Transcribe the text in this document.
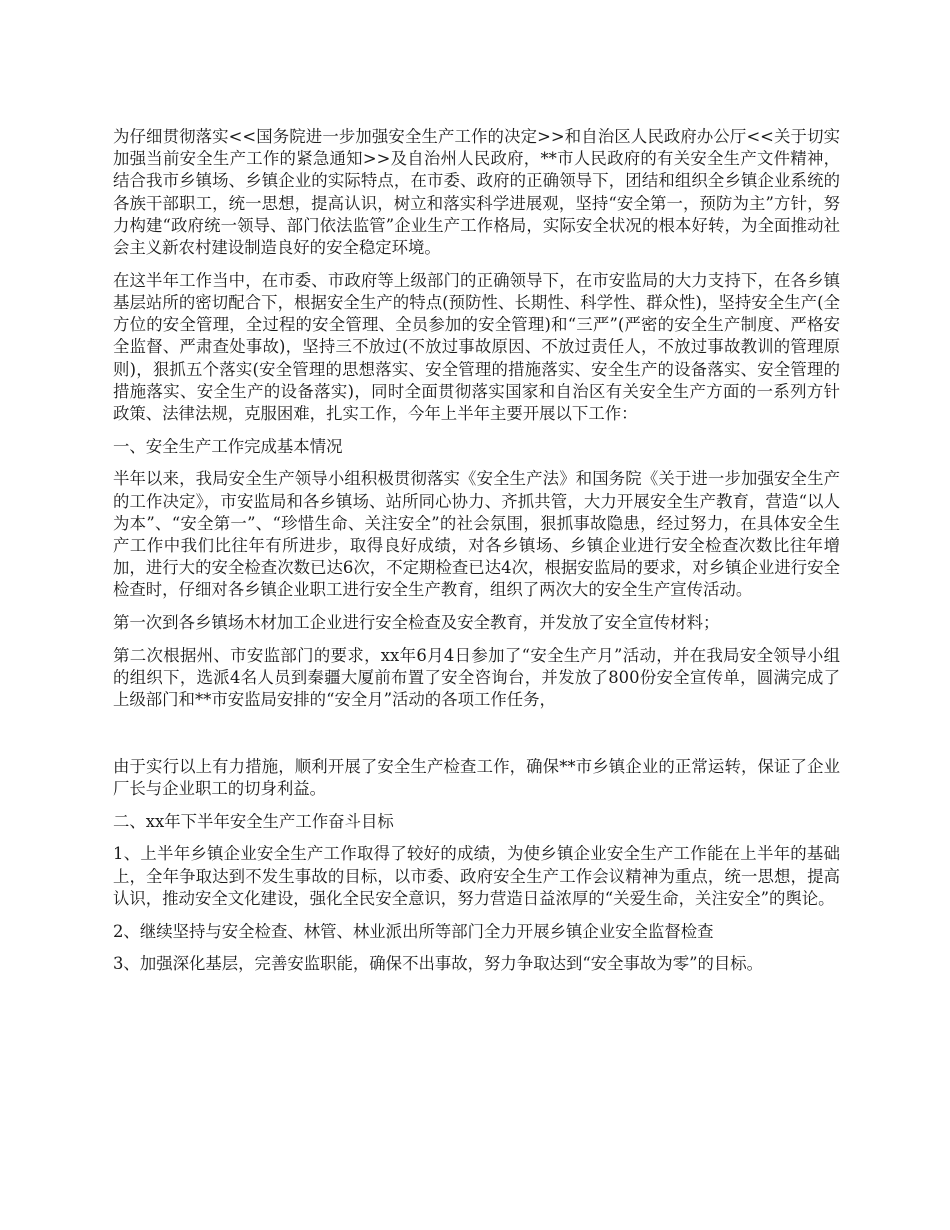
为仔细贯彻落实<<国务院进一步加强安全生产工作的决定>>和自治区人民政府办公厅<<关于切实加强当前安全生产工作的紧急通知>>及自治州人民政府，**市人民政府的有关安全生产文件精神，结合我市乡镇场、乡镇企业的实际特点，在市委、政府的正确领导下，团结和组织全乡镇企业系统的各族干部职工，统一思想，提高认识，树立和落实科学进展观，坚持“安全第一，预防为主”方针，努力构建“政府统一领导、部门依法监管”企业生产工作格局，实际安全状况的根本好转，为全面推动社会主义新农村建设制造良好的安全稳定环境。

在这半年工作当中，在市委、市政府等上级部门的正确领导下，在市安监局的大力支持下，在各乡镇基层站所的密切配合下，根据安全生产的特点(预防性、长期性、科学性、群众性)，坚持安全生产(全方位的安全管理，全过程的安全管理、全员参加的安全管理)和“三严”(严密的安全生产制度、严格安全监督、严肃查处事故)，坚持三不放过(不放过事故原因、不放过责任人，不放过事故教训的管理原则)，狠抓五个落实(安全管理的思想落实、安全管理的措施落实、安全生产的设备落实、安全管理的措施落实、安全生产的设备落实)，同时全面贯彻落实国家和自治区有关安全生产方面的一系列方针政策、法律法规，克服困难，扎实工作，今年上半年主要开展以下工作：

一、安全生产工作完成基本情况

半年以来，我局安全生产领导小组积极贯彻落实《安全生产法》和国务院《关于进一步加强安全生产的工作决定》，市安监局和各乡镇场、站所同心协力、齐抓共管，大力开展安全生产教育，营造“以人为本”、“安全第一”、“珍惜生命、关注安全”的社会氛围，狠抓事故隐患，经过努力，在具体安全生产工作中我们比往年有所进步，取得良好成绩，对各乡镇场、乡镇企业进行安全检查次数比往年增加，进行大的安全检查次数已达6次，不定期检查已达4次，根据安监局的要求，对乡镇企业进行安全检查时，仔细对各乡镇企业职工进行安全生产教育，组织了两次大的安全生产宣传活动。

第一次到各乡镇场木材加工企业进行安全检查及安全教育，并发放了安全宣传材料；

第二次根据州、市安监部门的要求，xx年6月4日参加了“安全生产月”活动，并在我局安全领导小组的组织下，选派4名人员到秦疆大厦前布置了安全咨询台，并发放了800份安全宣传单，圆满完成了上级部门和**市安监局安排的“安全月”活动的各项工作任务，

由于实行以上有力措施，顺利开展了安全生产检查工作，确保**市乡镇企业的正常运转，保证了企业厂长与企业职工的切身利益。

二、xx年下半年安全生产工作奋斗目标

1、上半年乡镇企业安全生产工作取得了较好的成绩，为使乡镇企业安全生产工作能在上半年的基础上，全年争取达到不发生事故的目标，以市委、政府安全生产工作会议精神为重点，统一思想，提高认识，推动安全文化建设，强化全民安全意识，努力营造日益浓厚的“关爱生命，关注安全”的舆论。

2、继续坚持与安全检查、林管、林业派出所等部门全力开展乡镇企业安全监督检查

3、加强深化基层，完善安监职能，确保不出事故，努力争取达到“安全事故为零”的目标。
